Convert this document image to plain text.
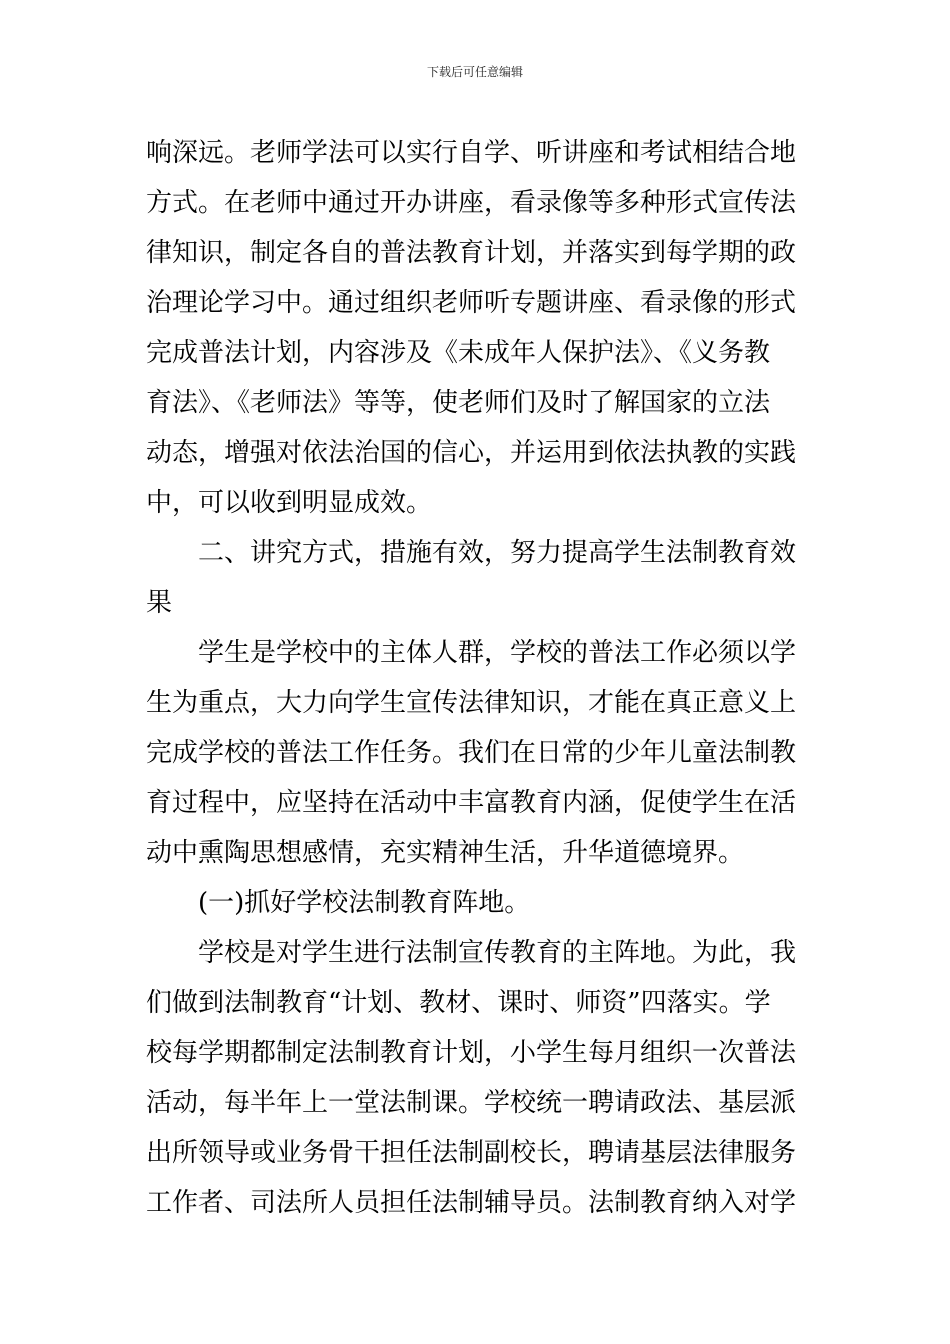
下载后可任意编辑
响深远。老师学法可以实行自学、听讲座和考试相结合地
方式。在老师中通过开办讲座，看录像等多种形式宣传法
律知识，制定各自的普法教育计划，并落实到每学期的政
治理论学习中。通过组织老师听专题讲座、看录像的形式
完成普法计划，内容涉及《未成年人保护法》、《义务教
育法》、《老师法》等等，使老师们及时了解国家的立法
动态，增强对依法治国的信心，并运用到依法执教的实践
中，可以收到明显成效。
二、讲究方式，措施有效，努力提高学生法制教育效
果
学生是学校中的主体人群，学校的普法工作必须以学
生为重点，大力向学生宣传法律知识，才能在真正意义上
完成学校的普法工作任务。我们在日常的少年儿童法制教
育过程中，应坚持在活动中丰富教育内涵，促使学生在活
动中熏陶思想感情，充实精神生活，升华道德境界。
(一)抓好学校法制教育阵地。
学校是对学生进行法制宣传教育的主阵地。为此，我
们做到法制教育“计划、教材、课时、师资”四落实。学
校每学期都制定法制教育计划，小学生每月组织一次普法
活动，每半年上一堂法制课。学校统一聘请政法、基层派
出所领导或业务骨干担任法制副校长，聘请基层法律服务
工作者、司法所人员担任法制辅导员。法制教育纳入对学
